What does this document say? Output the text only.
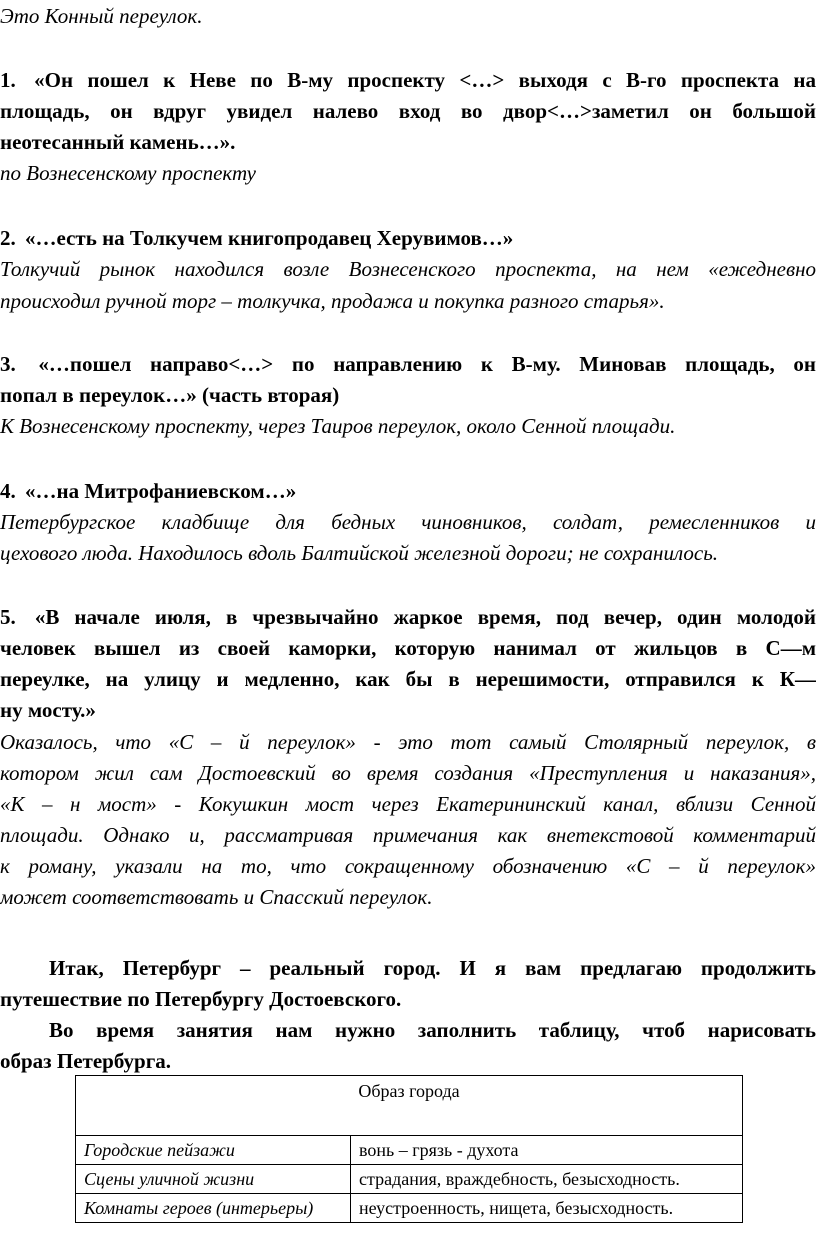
Это Конный переулок.

1. «Он пошел к Неве по В-му проспекту <…> выходя с В-го проспекта на

площадь, он вдруг увидел налево вход во двор<…>заметил он большой

неотесанный камень…».

по Вознесенскому проспекту

2. «…есть на Толкучем книгопродавец Херувимов…»

Толкучий рынок находился возле Вознесенского проспекта, на нем «ежедневно

происходил ручной торг – толкучка, продажа и покупка разного старья».

3. «…пошел направо<…> по направлению к В-му. Миновав площадь, он

попал в переулок…» (часть вторая)

К Вознесенскому проспекту, через Таиров переулок, около Сенной площади.

4. «…на Митрофаниевском…»

Петербургское кладбище для бедных чиновников, солдат, ремесленников и

цехового люда. Находилось вдоль Балтийской железной дороги; не сохранилось.

5. «В начале июля, в чрезвычайно жаркое время, под вечер, один молодой

человек вышел из своей каморки, которую нанимал от жильцов в С—м

переулке, на улицу и медленно, как бы в нерешимости, отправился к К—

ну мосту.»

Оказалось, что «С – й переулок» - это тот самый Столярный переулок, в

котором жил сам Достоевский во время создания «Преступления и наказания»,

«К – н мост» - Кокушкин мост через Екатерининский канал, вблизи Сенной

площади. Однако и, рассматривая примечания как внетекстовой комментарий

к роману, указали на то, что сокращенному обозначению «С – й переулок»

может соответствовать и Спасский переулок.

Итак, Петербург – реальный город. И я вам предлагаю продолжить

путешествие по Петербургу Достоевского.

Во время занятия нам нужно заполнить таблицу, чтоб нарисовать

образ Петербурга.

Образ города	
Городские пейзажи	вонь – грязь - духота
Сцены уличной жизни	страдания, враждебность, безысходность.
Комнаты героев (интерьеры)	неустроенность, нищета, безысходность.
